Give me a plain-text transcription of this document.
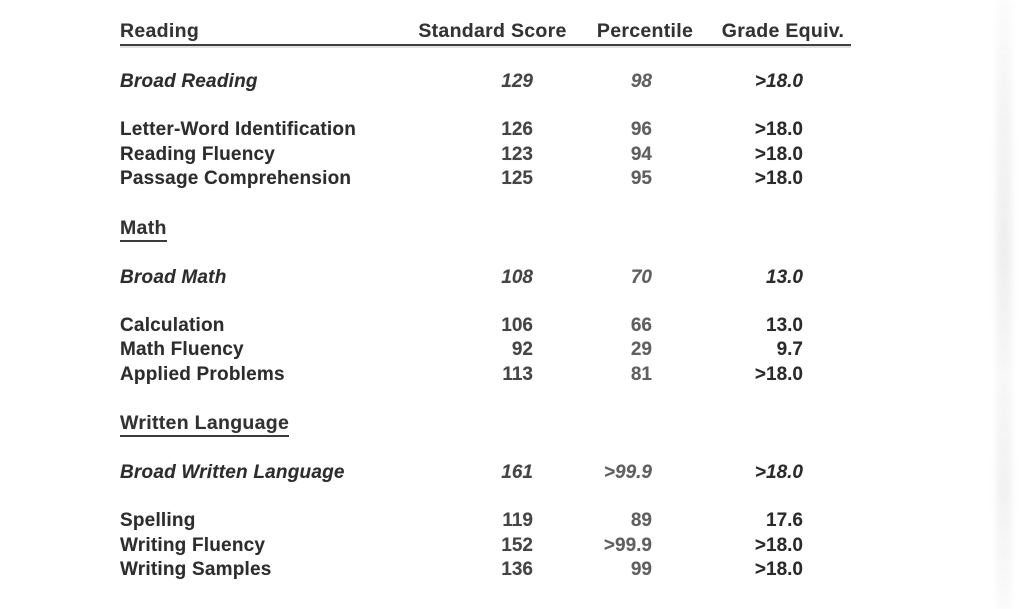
Reading	Standard Score	Percentile	Grade Equiv.
Broad Reading	129	98	>18.0
Letter-Word Identification	126	96	>18.0
Reading Fluency	123	94	>18.0
Passage Comprehension	125	95	>18.0
Math
Broad Math	108	70	13.0
Calculation	106	66	13.0
Math Fluency	92	29	9.7
Applied Problems	113	81	>18.0
Written Language
Broad Written Language	161	>99.9	>18.0
Spelling	119	89	17.6
Writing Fluency	152	>99.9	>18.0
Writing Samples	136	99	>18.0
